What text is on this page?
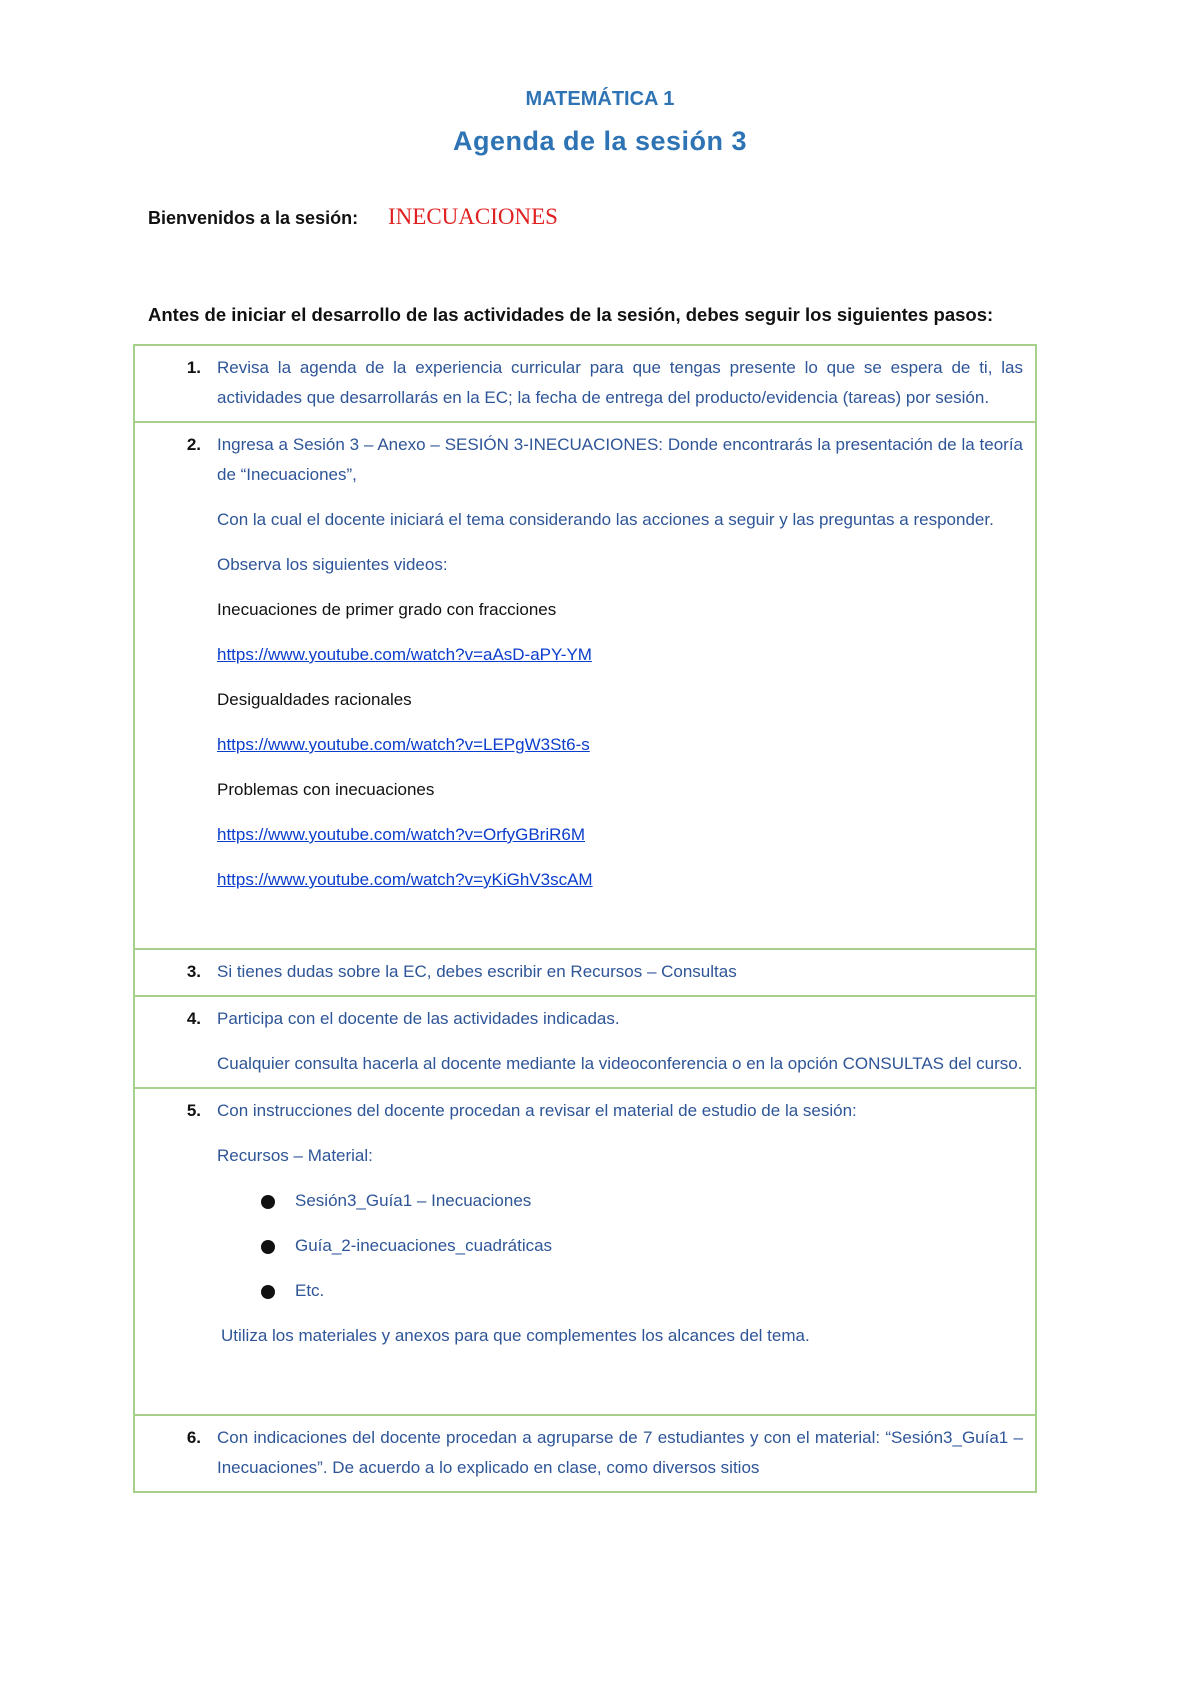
MATEMÁTICA 1
Agenda de la sesión 3
Bienvenidos a la sesión: INECUACIONES
Antes de iniciar el desarrollo de las actividades de la sesión, debes seguir los siguientes pasos:
1. Revisa la agenda de la experiencia curricular para que tengas presente lo que se espera de ti, las actividades que desarrollarás en la EC; la fecha de entrega del producto/evidencia (tareas) por sesión.

2. Ingresa a Sesión 3 – Anexo – SESIÓN 3-INECUACIONES: Donde encontrarás la presentación de la teoría de “Inecuaciones”,

Con la cual el docente iniciará el tema considerando las acciones a seguir y las preguntas a responder.

Observa los siguientes videos:

Inecuaciones de primer grado con fracciones

https://www.youtube.com/watch?v=aAsD-aPY-YM

Desigualdades racionales

https://www.youtube.com/watch?v=LEPgW3St6-s

Problemas con inecuaciones

https://www.youtube.com/watch?v=OrfyGBriR6M

https://www.youtube.com/watch?v=yKiGhV3scAM

3. Si tienes dudas sobre la EC, debes escribir en Recursos – Consultas

4. Participa con el docente de las actividades indicadas.

Cualquier consulta hacerla al docente mediante la videoconferencia o en la opción CONSULTAS del curso.

5. Con instrucciones del docente procedan a revisar el material de estudio de la sesión:

Recursos – Material:

Sesión3_Guía1 – Inecuaciones
Guía_2-inecuaciones_cuadráticas
Etc.

Utiliza los materiales y anexos para que complementes los alcances del tema.

6. Con indicaciones del docente procedan a agruparse de 7 estudiantes y con el material: “Sesión3_Guía1 – Inecuaciones”. De acuerdo a lo explicado en clase, como diversos sitios
